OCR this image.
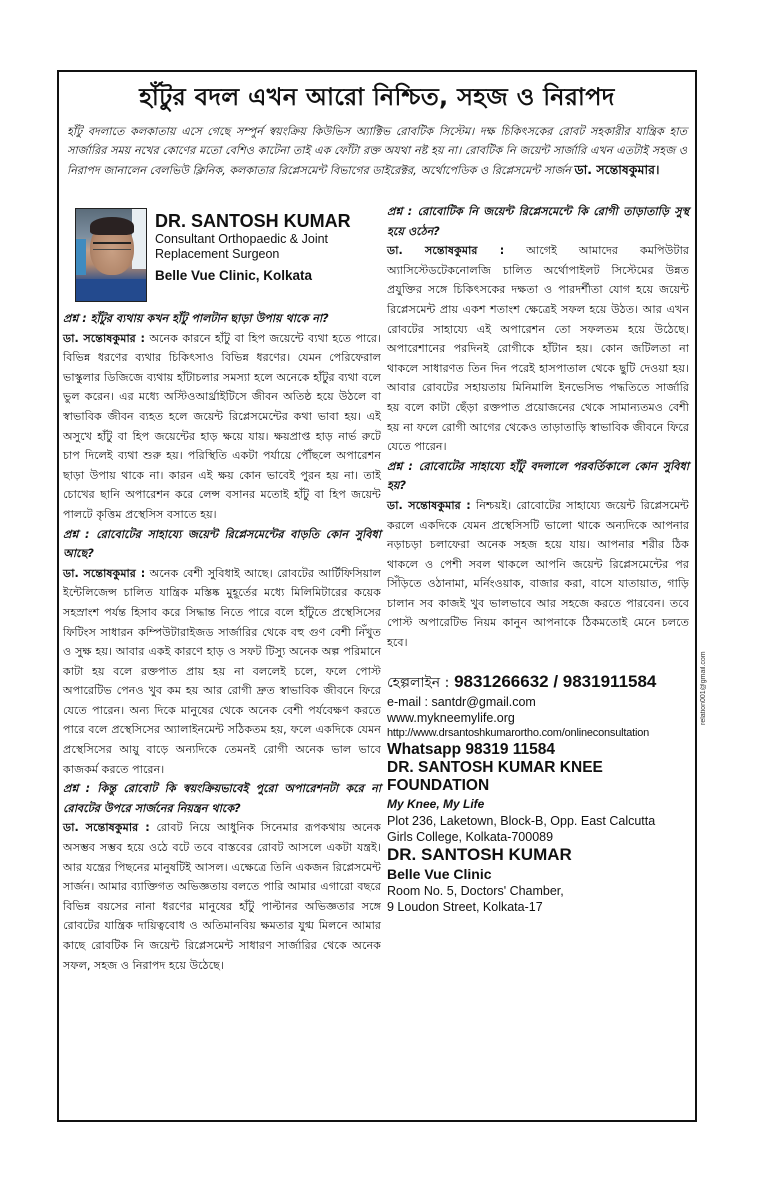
হাঁটুর বদল এখন আরো নিশ্চিত, সহজ ও নিরাপদ
হাঁটু বদলাতে কলকাতায় এসে গেছে সম্পুর্ন স্বয়ংক্রিয় কিউভিস অ্যাক্টিভ রোবটিক সিস্টেম। দক্ষ চিকিৎসকের রোবট সহকারীর যান্ত্রিক হাত সার্জারির সময় নখের কোণের মতো বেশিও কাটেনা তাই এক ফোঁটা রক্ত অযথা নষ্ট হয় না। রোবটিক নি জয়েন্ট সার্জারি এখন এতটাই সহজ ও নিরাপদ জানালেন বেলভিউ ক্লিনিক, কলকাতার রিপ্লেসমেন্ট বিভাগের ডাইরেক্টর, অর্থোপেডিক ও রিপ্লেসমেন্ট সার্জন ডা. সন্তোষকুমার।
DR. SANTOSH KUMAR
Consultant Orthopaedic & Joint
Replacement Surgeon
Belle Vue Clinic, Kolkata

প্রশ্ন : হাঁটুর ব্যথায় কখন হাঁটু পালটান ছাড়া উপায় থাকে না?

ডা. সন্তোষকুমার : অনেক কারনে হাঁটু বা হিপ জয়েন্টে ব্যথা হতে পারে। বিভিন্ন ধরণের ব্যথার চিকিৎসাও বিভিন্ন ধরণের। যেমন পেরিফেরাল ভাস্কুলার ডিজিজে ব্যথায় হাঁটাচলার সমস্যা হলে অনেকে হাঁটুর ব্যথা বলে ভুল করেন। এর মধ্যে অস্টিওআর্থ্রাইটিসে জীবন অতিষ্ঠ হয়ে উঠলে বা স্বাভাবিক জীবন ব্যহত হলে জয়েন্ট রিপ্লেসমেন্টের কথা ভাবা হয়। এই অসুখে হাঁটু বা হিপ জয়েন্টের হাড় ক্ষয়ে যায়। ক্ষয়প্রাপ্ত হাড় নার্ভ রুটে চাপ দিলেই ব্যথা শুরু হয়। পরিস্থিতি একটা পর্যায়ে পৌঁছলে অপারেশন ছাড়া উপায় থাকে না। কারন এই ক্ষয় কোন ভাবেই পুরন হয় না। তাই চোখের ছানি অপারেশন করে লেন্স বসানর মতোই হাঁটু বা হিপ জয়েন্ট পালটে কৃত্তিম প্রস্থেসিস বসাতে হয়।

প্রশ্ন : রোবোটের সাহায্যে জয়েন্ট রিপ্লেসমেন্টের বাড়তি কোন সুবিধা আছে?

ডা. সন্তোষকুমার : অনেক বেশী সুবিধাই আছে। রোবটের আর্টিফিসিয়াল ইন্টেলিজেন্স চালিত যান্ত্রিক মস্তিষ্ক মুহূর্তের মধ্যে মিলিমিটারের কয়েক সহস্রাংশ পর্যন্ত হিসাব করে সিদ্ধান্ত নিতে পারে বলে হাঁটুতে প্রস্থেসিসের ফিটিংস সাধারন কম্পিউটারাইজড সার্জারির থেকে বহু গুণ বেশী নিঁখুত ও সুক্ষ হয়। আবার একই কারণে হাড় ও সফট টিস্যু অনেক অল্প পরিমানে কাটা হয় বলে রক্তপাত প্রায় হয় না বললেই চলে, ফলে পোস্ট অপারেটিভ পেনও খুব কম হয় আর রোগী দ্রুত স্বাভাবিক জীবনে ফিরে যেতে পারেন। অন্য দিকে মানুষের থেকে অনেক বেশী পর্যবেক্ষণ করতে পারে বলে প্রস্থেসিসের অ্যালাইনমেন্ট সঠিকতম হয়, ফলে একদিকে যেমন প্রস্থেসিসের আয়ু বাড়ে অন্যদিকে তেমনই রোগী অনেক ভাল ভাবে কাজকর্ম করতে পারেন।

প্রশ্ন : কিন্তু রোবোট কি স্বয়ংক্রিয়ভাবেই পুরো অপারেশনটা করে না রোবটের উপরে সার্জনের নিয়ন্ত্রন থাকে?

ডা. সন্তোষকুমার : রোবট নিয়ে আধুনিক সিনেমার রূপকথায় অনেক অসম্ভব সম্ভব হয়ে ওঠে বটে তবে বাস্তবের রোবট আসলে একটা যন্ত্রই। আর যন্ত্রের পিছনের মানুষটিই আসল। এক্ষেত্রে তিনি একজন রিপ্লেসমেন্ট সার্জন। আমার ব্যাক্তিগত অভিজ্ঞতায় বলতে পারি আমার এগারো বছরে বিভিন্ন বয়সের নানা ধরণের মানুষের হাঁটু পাল্টানর অভিজ্ঞতার সঙ্গে রোবটের যান্ত্রিক দায়িত্ববোধ ও অতিমানবিয় ক্ষমতার যুগ্ম মিলনে আমার কাছে রোবটিক নি জয়েন্ট রিপ্লেসমেন্ট সাধারণ সার্জারির থেকে অনেক সফল, সহজ ও নিরাপদ হয়ে উঠেছে।

প্রশ্ন : রোবোটিক নি জয়েন্ট রিপ্লেসমেন্টে কি রোগী তাড়াতাড়ি সুস্থ হয়ে ওঠেন?

ডা. সন্তোষকুমার : আগেই আমাদের কমপিউটার অ্যাসিস্টেডটেকনোলজি চালিত অর্থোপাইলট সিস্টেমের উন্নত প্রযুক্তির সঙ্গে চিকিৎসকের দক্ষতা ও পারদর্শীতা যোগ হয়ে জয়েন্ট রিপ্লেসমেন্ট প্রায় একশ শতাংশ ক্ষেত্রেই সফল হয়ে উঠত। আর এখন রোবটের সাহায্যে এই অপারেশন তো সফলতম হয়ে উঠেছে। অপারেশানের পরদিনই রোগীকে হাঁটান হয়। কোন জটিলতা না থাকলে সাধারণত তিন দিন পরেই হাসপাতাল থেকে ছুটি দেওয়া হয়। আবার রোবটের সহায়তায় মিনিমালি ইনভেসিভ পদ্ধতিতে সার্জারি হয় বলে কাটা ছেঁড়া রক্তপাত প্রয়োজনের থেকে সামান্যতমও বেশী হয় না ফলে রোগী আগের থেকেও তাড়াতাড়ি স্বাভাবিক জীবনে ফিরে যেতে পারেন।

প্রশ্ন : রোবোটের সাহায্যে হাঁটু বদলালে পরবর্তিকালে কোন সুবিধা হয়?

ডা. সন্তোষকুমার : নিশ্চয়ই। রোবোটের সাহায্যে জয়েন্ট রিপ্লেসমেন্ট করলে একদিকে যেমন প্রস্থেসিসটি ভালো থাকে অন্যদিকে আপনার নড়াচড়া চলাফেরা অনেক সহজ হয়ে যায়। আপনার শরীর ঠিক থাকলে ও পেশী সবল থাকলে আপনি জয়েন্ট রিপ্লেসমেন্টের পর সিঁড়িতে ওঠানামা, মর্নিংওয়াক, বাজার করা, বাসে যাতায়াত, গাড়ি চালান সব কাজই খুব ভালভাবে আর সহজে করতে পারবেন। তবে পোস্ট অপারেটিভ নিয়ম কানুন আপনাকে ঠিকমতোই মেনে চলতে হবে।

হেল্পলাইন : 9831266632 / 9831911584
e-mail : santdr@gmail.com
www.mykneemylife.org
http://www.drsantoshkumarortho.com/onlineconsultation
Whatsapp 98319 11584
DR. SANTOSH KUMAR KNEE FOUNDATION
My Knee, My Life
Plot 236, Laketown, Block-B, Opp. East Calcutta
Girls College, Kolkata-700089
DR. SANTOSH KUMAR
Belle Vue Clinic
Room No. 5, Doctors' Chamber,
9 Loudon Street, Kolkata-17
relation001@gmail.com
